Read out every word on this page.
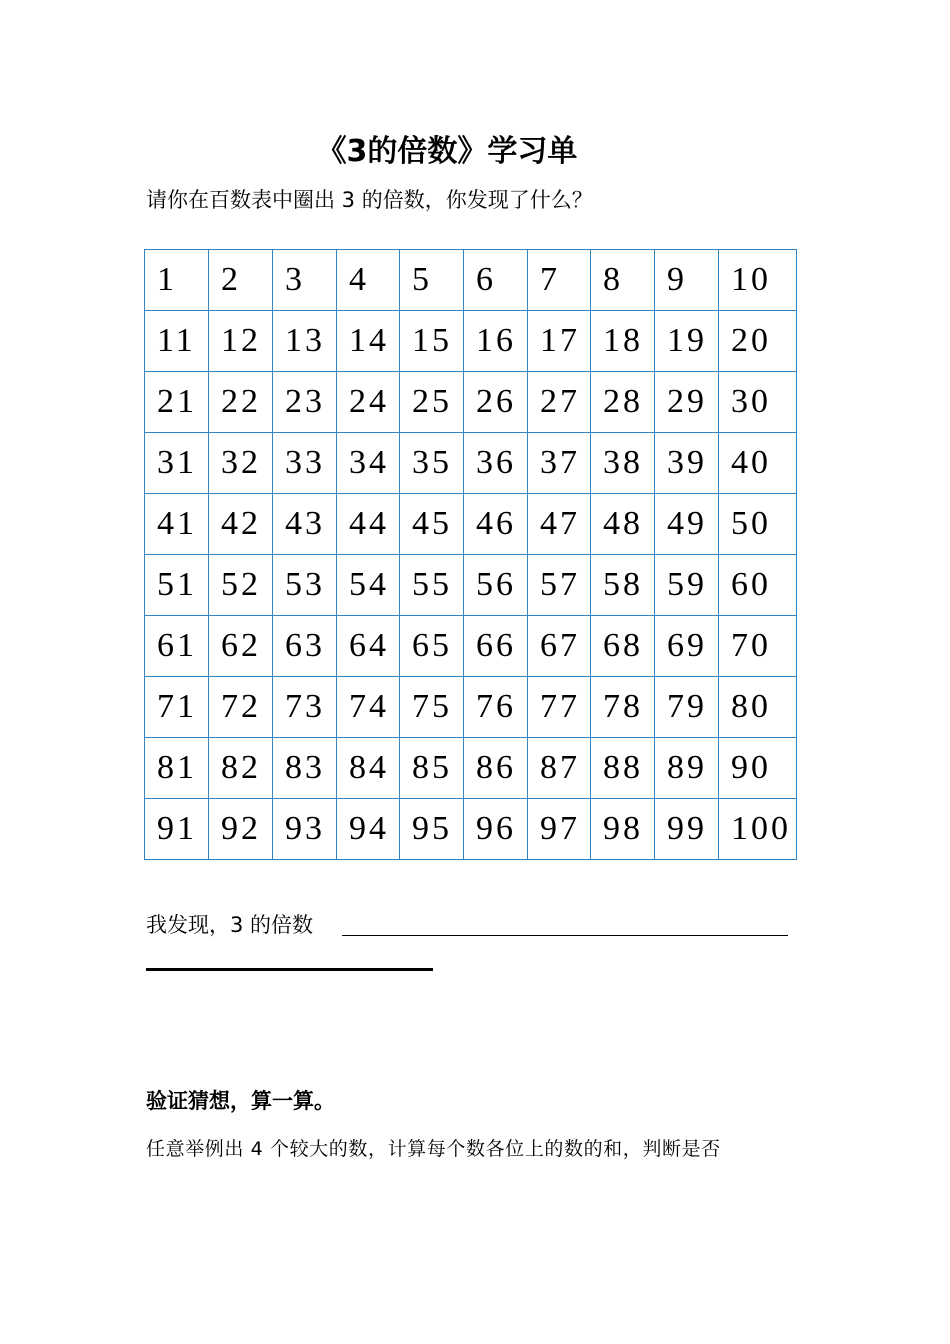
《3的倍数》学习单
请你在百数表中圈出 3 的倍数，你发现了什么？
1	2	3	4	5	6	7	8	9	10
11	12	13	14	15	16	17	18	19	20
21	22	23	24	25	26	27	28	29	30
31	32	33	34	35	36	37	38	39	40
41	42	43	44	45	46	47	48	49	50
51	52	53	54	55	56	57	58	59	60
61	62	63	64	65	66	67	68	69	70
71	72	73	74	75	76	77	78	79	80
81	82	83	84	85	86	87	88	89	90
91	92	93	94	95	96	97	98	99	100
我发现，3 的倍数
验证猜想，算一算。
任意举例出 4 个较大的数，计算每个数各位上的数的和，判断是否
